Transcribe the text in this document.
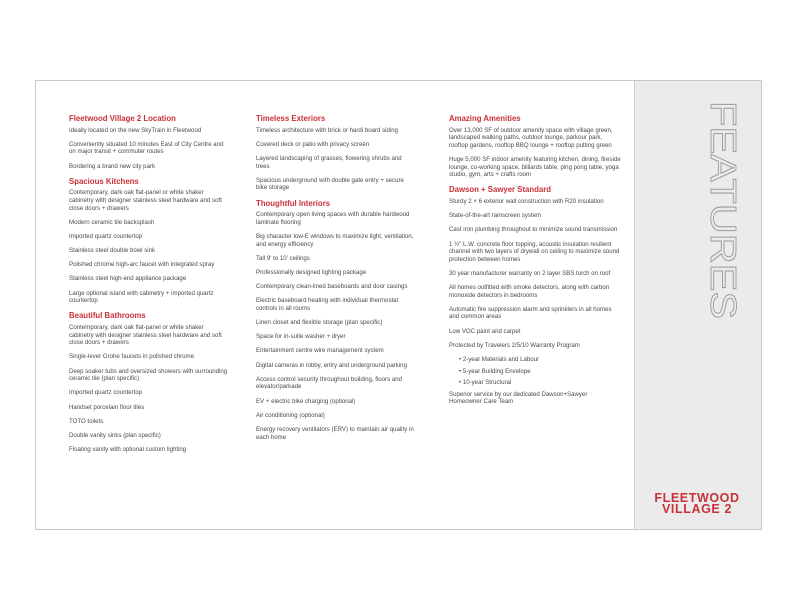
Fleetwood Village 2 Location
Ideally located on the new SkyTrain in Fleetwood
Conveniently situated 10 minutes East of City Centre and on major transit + commuter routes
Bordering a brand new city park
Spacious Kitchens
Contemporary, dark oak flat-panel or white shaker cabinetry with designer stainless steel hardware and soft close doors + drawers
Modern ceramic tile backsplash
Imported quartz countertop
Stainless steel double bowl sink
Polished chrome high-arc faucet with integrated spray
Stainless steel high-end appliance package
Large optional island with cabinetry + imported quartz countertop
Beautiful Bathrooms
Contemporary, dark oak flat-panel or white shaker cabinetry with designer stainless steel hardware and soft close doors + drawers
Single-lever Grohe faucets in polished chrome
Deep soaker tubs and oversized showers with surrounding ceramic tile (plan specific)
Imported quartz countertop
Handset porcelain floor tiles
TOTO toilets
Double vanity sinks (plan specific)
Floating vanity with optional custom lighting
Timeless Exteriors
Timeless architecture with brick or hardi board siding
Covered deck or patio with privacy screen
Layered landscaping of grasses, flowering shrubs and trees
Spacious underground with double gate entry + secure bike storage
Thoughtful Interiors
Contemporary open living spaces with durable hardwood laminate flooring
Big character low-E windows to maximize light, ventilation, and energy efficiency
Tall 9' to 10' ceilings
Professionally designed lighting package
Contemporary clean-lined baseboards and door casings
Electric baseboard heating with individual thermostat controls in all rooms
Linen closet and flexible storage (plan specific)
Space for in-suite washer + dryer
Entertainment centre wire management system
Digital cameras in lobby, entry and underground parking
Access control security throughout building, floors and elevator/parkade
EV + electric bike charging (optional)
Air conditioning (optional)
Energy recovery ventilators (ERV) to maintain air quality in each home
Amazing Amenities
Over 13,000 SF of outdoor amenity space with village green, landscaped walking paths, outdoor lounge, parkour park, rooftop gardens, rooftop BBQ lounge + rooftop putting green
Huge 5,000 SF indoor amenity featuring kitchen, dining, fireside lounge, co-working space, billiards table, ping pong table, yoga studio, gym, arts + crafts room
Dawson + Sawyer Standard
Sturdy 2 × 6 exterior wall construction with R20 insulation
State-of-the-art rainscreen system
Cast iron plumbing throughout to minimize sound transmission
1 ½" L.W. concrete floor topping, acoustic insulation resilient channel with two layers of drywall on ceiling to maximize sound protection between homes
30 year manufacturer warranty on 2 layer SBS torch on roof
All homes outfitted with smoke detectors, along with carbon monoxide detectors in bedrooms
Automatic fire suppression alarm and sprinklers in all homes and common areas
Low VOC paint and carpet
Protected by Travelers 2/5/10 Warranty Program
• 2-year Materials and Labour
• 5-year Building Envelope
• 10-year Structural
Superior service by our dedicated Dawson+Sawyer Homeowner Care Team
FEATURES
FLEETWOOD
VILLAGE 2
